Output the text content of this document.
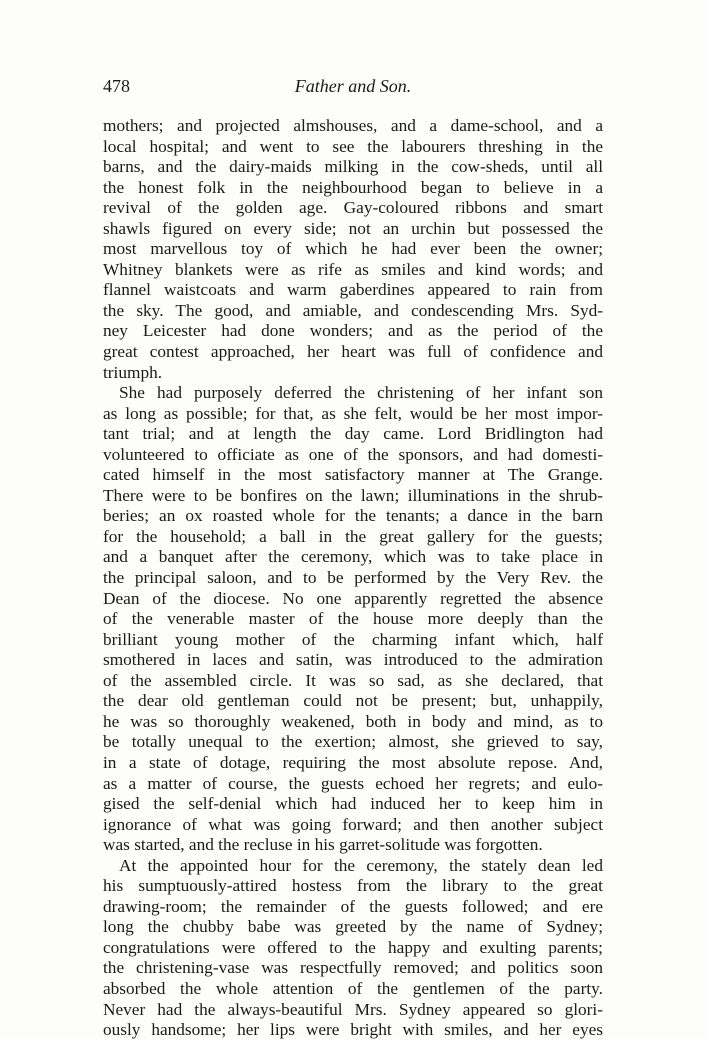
478	Father and Son.
mothers; and projected almshouses, and a dame-school, and a
local hospital; and went to see the labourers threshing in the
barns, and the dairy-maids milking in the cow-sheds, until all
the honest folk in the neighbourhood began to believe in a
revival of the golden age. Gay-coloured ribbons and smart
shawls figured on every side; not an urchin but possessed the
most marvellous toy of which he had ever been the owner;
Whitney blankets were as rife as smiles and kind words; and
flannel waistcoats and warm gaberdines appeared to rain from
the sky. The good, and amiable, and condescending Mrs. Syd-
ney Leicester had done wonders; and as the period of the
great contest approached, her heart was full of confidence and
triumph.
She had purposely deferred the christening of her infant son
as long as possible; for that, as she felt, would be her most impor-
tant trial; and at length the day came. Lord Bridlington had
volunteered to officiate as one of the sponsors, and had domesti-
cated himself in the most satisfactory manner at The Grange.
There were to be bonfires on the lawn; illuminations in the shrub-
beries; an ox roasted whole for the tenants; a dance in the barn
for the household; a ball in the great gallery for the guests;
and a banquet after the ceremony, which was to take place in
the principal saloon, and to be performed by the Very Rev. the
Dean of the diocese. No one apparently regretted the absence
of the venerable master of the house more deeply than the
brilliant young mother of the charming infant which, half
smothered in laces and satin, was introduced to the admiration
of the assembled circle. It was so sad, as she declared, that
the dear old gentleman could not be present; but, unhappily,
he was so thoroughly weakened, both in body and mind, as to
be totally unequal to the exertion; almost, she grieved to say,
in a state of dotage, requiring the most absolute repose. And,
as a matter of course, the guests echoed her regrets; and eulo-
gised the self-denial which had induced her to keep him in
ignorance of what was going forward; and then another subject
was started, and the recluse in his garret-solitude was forgotten.
At the appointed hour for the ceremony, the stately dean led
his sumptuously-attired hostess from the library to the great
drawing-room; the remainder of the guests followed; and ere
long the chubby babe was greeted by the name of Sydney;
congratulations were offered to the happy and exulting parents;
the christening-vase was respectfully removed; and politics soon
absorbed the whole attention of the gentlemen of the party.
Never had the always-beautiful Mrs. Sydney appeared so glori-
ously handsome; her lips were bright with smiles, and her eyes
